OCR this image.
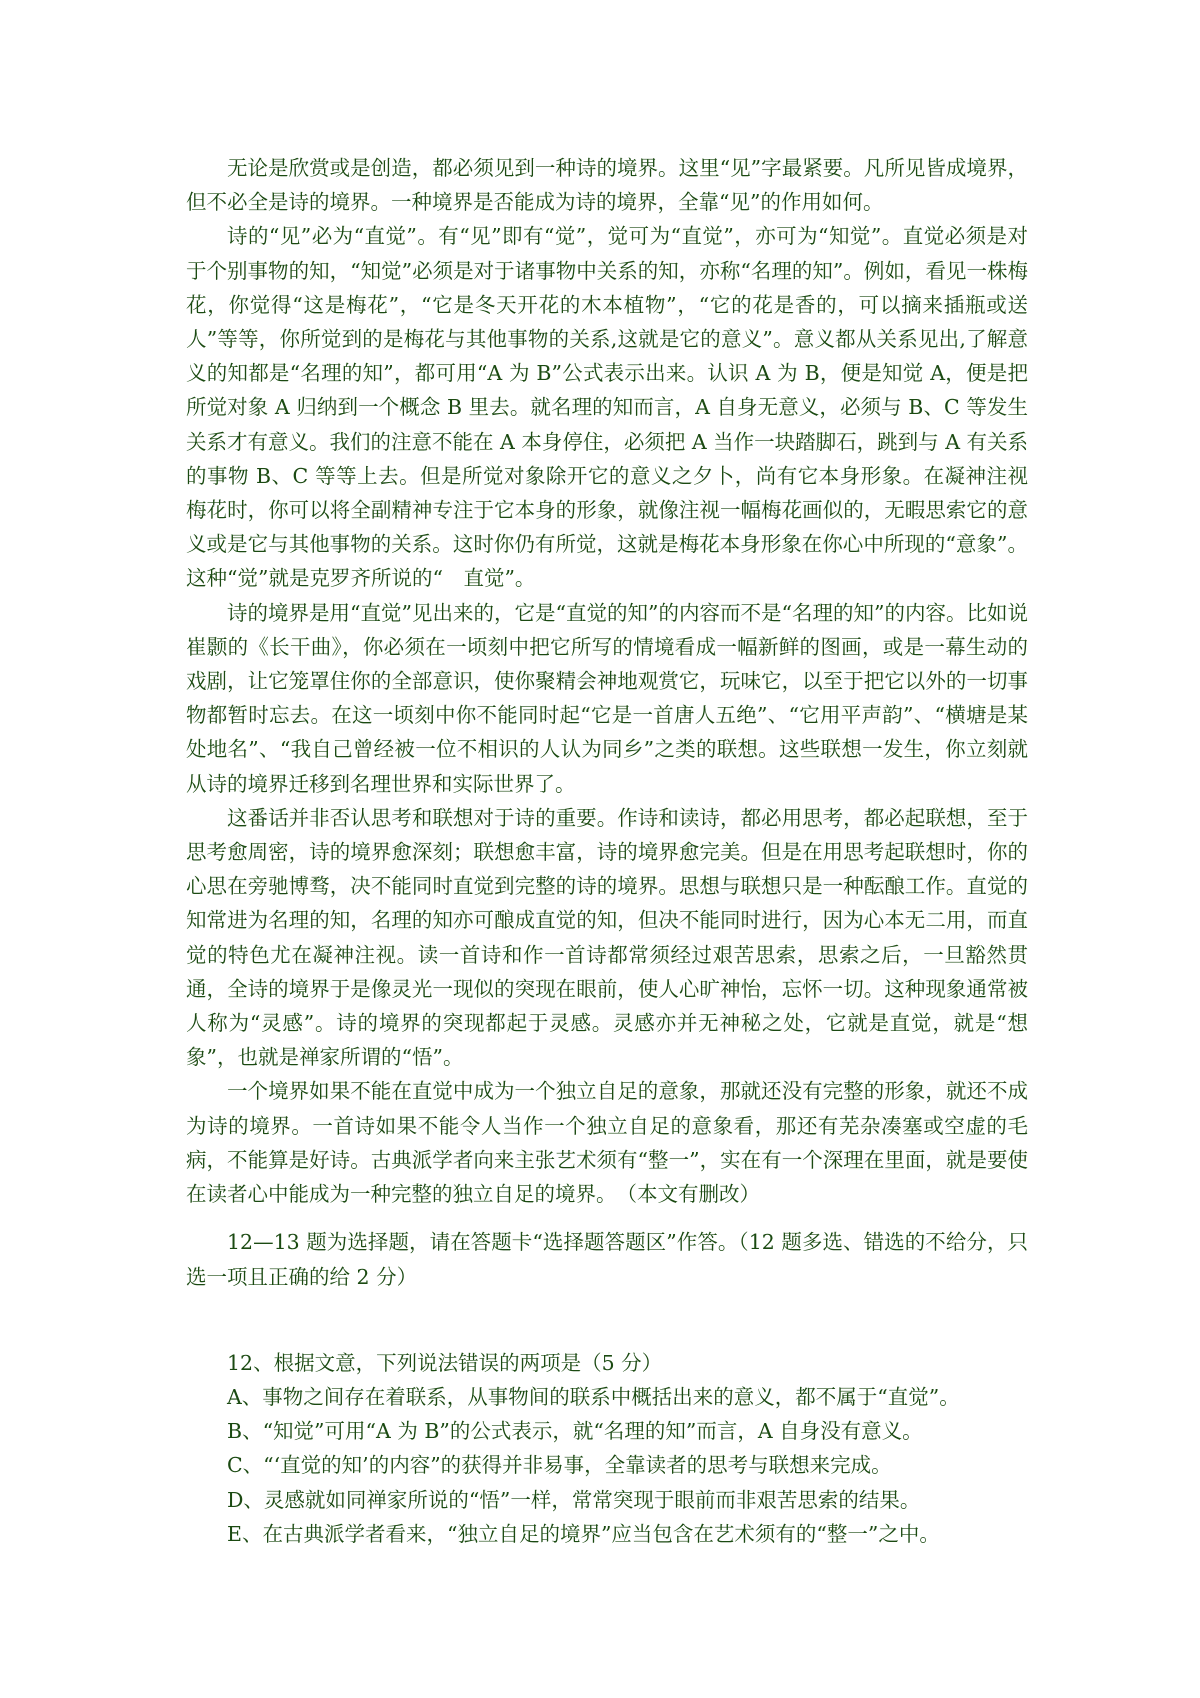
无论是欣赏或是创造，都必须见到一种诗的境界。这里“见”字最紧要。凡所见皆成境界，但不必全是诗的境界。一种境界是否能成为诗的境界，全靠“见”的作用如何。

诗的“见”必为“直觉”。有“见”即有“觉”，觉可为“直觉”，亦可为“知觉”。直觉必须是对于个别事物的知，“知觉”必须是对于诸事物中关系的知，亦称“名理的知”。例如，看见一株梅花，你觉得“这是梅花”，“它是冬天开花的木本植物”，“它的花是香的，可以摘来插瓶或送人”等等，你所觉到的是梅花与其他事物的关系,这就是它的意义”。意义都从关系见出,了解意义的知都是“名理的知”，都可用“A 为 B”公式表示出来。认识 A 为 B，便是知觉 A，便是把所觉对象 A 归纳到一个概念 B 里去。就名理的知而言，A 自身无意义，必须与 B、C 等发生关系才有意义。我们的注意不能在 A 本身停住，必须把 A 当作一块踏脚石，跳到与 A 有关系的事物 B、C 等等上去。但是所觉对象除开它的意义之夕卜，尚有它本身形象。在凝神注视梅花时，你可以将全副精神专注于它本身的形象，就像注视一幅梅花画似的，无暇思索它的意义或是它与其他事物的关系。这时你仍有所觉，这就是梅花本身形象在你心中所现的“意象”。这种“觉”就是克罗齐所说的“　直觉”。

诗的境界是用“直觉”见出来的，它是“直觉的知”的内容而不是“名理的知”的内容。比如说崔颢的《长干曲》，你必须在一顷刻中把它所写的情境看成一幅新鲜的图画，或是一幕生动的戏剧，让它笼罩住你的全部意识，使你聚精会神地观赏它，玩味它，以至于把它以外的一切事物都暂时忘去。在这一顷刻中你不能同时起“它是一首唐人五绝”、“它用平声韵”、“横塘是某处地名”、“我自己曾经被一位不相识的人认为同乡”之类的联想。这些联想一发生，你立刻就从诗的境界迁移到名理世界和实际世界了。

这番话并非否认思考和联想对于诗的重要。作诗和读诗，都必用思考，都必起联想，至于思考愈周密，诗的境界愈深刻；联想愈丰富，诗的境界愈完美。但是在用思考起联想时，你的心思在旁驰博骛，决不能同时直觉到完整的诗的境界。思想与联想只是一种酝酿工作。直觉的知常进为名理的知，名理的知亦可酿成直觉的知，但决不能同时进行，因为心本无二用，而直觉的特色尤在凝神注视。读一首诗和作一首诗都常须经过艰苦思索，思索之后，一旦豁然贯通，全诗的境界于是像灵光一现似的突现在眼前，使人心旷神怡，忘怀一切。这种现象通常被人称为“灵感”。诗的境界的突现都起于灵感。灵感亦并无神秘之处，它就是直觉，就是“想象”，也就是禅家所谓的“悟”。

一个境界如果不能在直觉中成为一个独立自足的意象，那就还没有完整的形象，就还不成为诗的境界。一首诗如果不能令人当作一个独立自足的意象看，那还有芜杂凑塞或空虚的毛病，不能算是好诗。古典派学者向来主张艺术须有“整一”，实在有一个深理在里面，就是要使在读者心中能成为一种完整的独立自足的境界。　（本文有删改）

12—13 题为选择题，请在答题卡“选择题答题区”作答。（12 题多选、错选的不给分，只选一项且正确的给 2 分）

12、根据文意，下列说法错误的两项是（5 分）

A、事物之间存在着联系，从事物间的联系中概括出来的意义，都不属于“直觉”。

B、“知觉”可用“A 为 B”的公式表示，就“名理的知”而言，A 自身没有意义。

C、“‘直觉的知’的内容”的获得并非易事，全靠读者的思考与联想来完成。

D、灵感就如同禅家所说的“悟”一样，常常突现于眼前而非艰苦思索的结果。

E、在古典派学者看来，“独立自足的境界”应当包含在艺术须有的“整一”之中。
